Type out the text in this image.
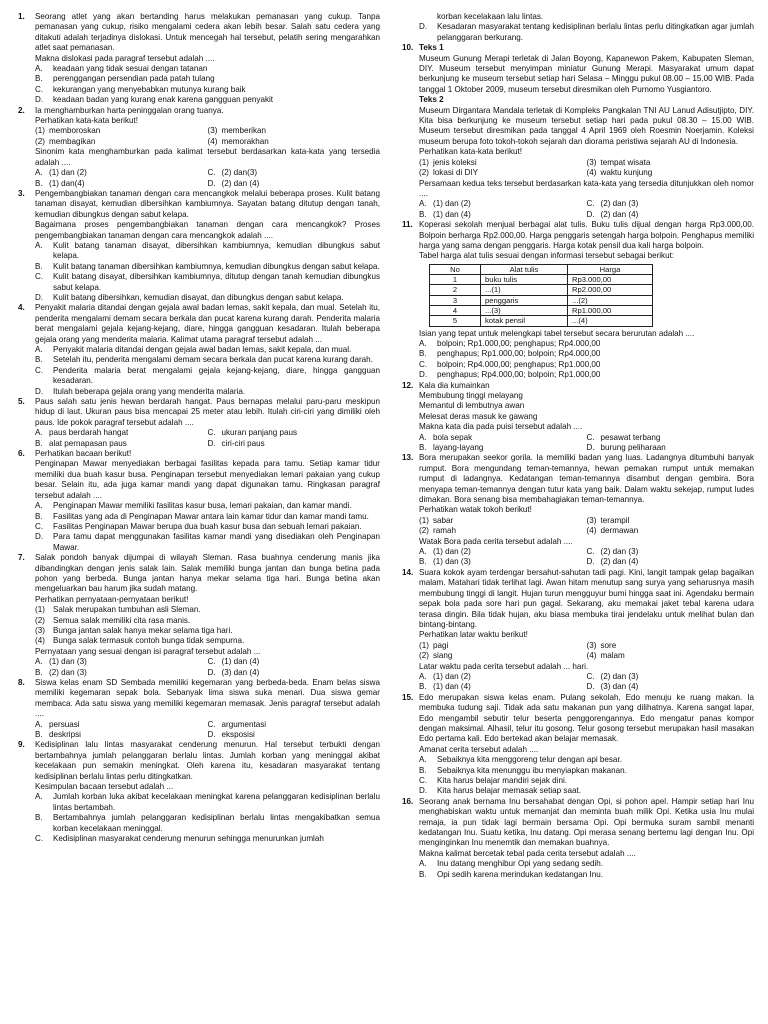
1. Seorang atlet yang akan bertanding harus melakukan pemanasan yang cukup. Tanpa pemanasan yang cukup, risiko mengalami cedera akan lebih besar. Salah satu cedera yang ditakuti adalah terjadinya dislokasi. Untuk mencegah hal tersebut, pelatih sering mengarahkan atlet saat pemanasan.

Makna dislokasi pada paragraf tersebut adalah ....

A. keadaan yang tidak sesuai dengan tatanan
B. perenggangan persendian pada patah tulang
C. kekurangan yang menyebabkan mutunya kurang baik
D. keadaan badan yang kurang enak karena gangguan penyakit
2. Ia menghamburkan harta peninggalan orang tuanya.

Perhatikan kata-kata berikut!

(1) memboroskan	(3) memberikan
(2) membagikan	(4) memorakhan

Sinonim kata menghamburkan pada kalimat tersebut berdasarkan kata-kata yang tersedia adalah ....

A. (1) dan (2)	C. (2) dan(3)
B. (1) dan(4)	D. (2) dan (4)
3. Pengembangbiakan tanaman dengan cara mencangkok melalui beberapa proses. Kulit batang tanaman disayat, kemudian dibersihkan kambiumnya. Sayatan batang ditutup dengan tanah, kemudian dibungkus dengan sabut kelapa.

Bagaimana proses pengembangbiakan tanaman dengan cara mencangkok? Proses pengembangbiakan tanaman dengan cara mencangkok adalah ....

A. Kulit batang tanaman disayat, dibersihkan kambiumnya, kemudian dibungkus sabut kelapa.
B. Kulit batang tanaman dibersihkan kambiumnya, kemudian dibungkus dengan sabut kelapa.
C. Kulit batang disayat, dibersihkan kambiumnya, ditutup dengan tanah kemudian dibungkus sabut kelapa.
D. Kulit batang dibersihkan, kemudian disayat, dan dibungkus dengan sabut kelapa.
4. Penyakit malaria ditandai dengan gejala awal badan lemas, sakit kepala, dan mual. Setelah itu, penderita mengalami demam secara berkala dan pucat karena kurang darah. Penderita malaria berat mengalami gejala kejang-kejang, diare, hingga gangguan kesadaran. Itulah beberapa gejala orang yang menderita malaria. Kalimat utama paragraf tersebut adalah ...

A. Penyakit malaria ditandai dengan gejala awal badan lemas, sakit kepala, dan mual.
B. Setelah itu, penderita mengalami demam secara berkala dan pucat karena kurang darah.
C. Penderita malaria berat mengalami gejala kejang-kejang, diare, hingga gangguan kesadaran.
D. Itulah beberapa gejala orang yang menderita malaria.
5. Paus salah satu jenis hewan berdarah hangat. Paus bernapas melalui paru-paru meskipun hidup di laut. Ukuran paus bisa mencapai 25 meter atau lebih. Itulah ciri-ciri yang dimiliki oleh paus. Ide pokok paragraf tersebut adalah ....

A. paus berdarah hangat	C. ukuran panjang paus
B. alat pernapasan paus	D. ciri-ciri paus
6. Perhatikan bacaan berikut!

Penginapan Mawar menyediakan berbagai fasilitas kepada para tamu. Setiap kamar tidur memiliki dua buah kasur busa. Penginapan tersebut menyediakan lemari pakaian yang cukup besar. Selain itu, ada juga kamar mandi yang dapat digunakan tamu. Ringkasan paragraf tersebut adalah ....

A. Penginapan Mawar memiliki fasilitas kasur busa, lemari pakaian, dan kamar mandi.
B. Fasilitas yang ada di Penginapan Mawar antara lain kamar tidur dan kamar mandi tamu.
C. Fasilitas Penginapan Mawar berupa dua buah kasur busa dan sebuah lemari pakaian.
D. Para tamu dapat menggunakan fasilitas kamar mandi yang disediakan oleh Penginapan Mawar.
7. Salak pondoh banyak dijumpai di wilayah Sleman. Rasa buahnya cenderung manis jika dibandingkan dengan jenis salak lain. Salak memiliki bunga jantan dan bunga betina pada pohon yang berbeda. Bunga jantan hanya mekar selama tiga hari. Bunga betina akan mengeluarkan bau harum jika sudah matang.

Perhatikan pernyataan-pernyataan berikut!

(1) Salak merupakan tumbuhan asli Sleman.
(2) Semua salak memiliki cita rasa manis.
(3) Bunga jantan salak hanya mekar selama tiga hari.
(4) Bunga salak termasuk contoh bunga tidak sempurna.

Pernyataan yang sesuai dengan isi paragraf tersebut adalah ...

A. (1) dan (3)	C. (1) dan (4)
B. (2) dan (3)	D. (3) dan (4)
8. Siswa kelas enam SD Sembada memiliki kegemaran yang berbeda-beda. Enam belas siswa memiliki kegemaran sepak bola. Sebanyak lima siswa suka menari. Dua siswa gemar membaca. Ada satu siswa yang memiliki kegemaran memasak. Jenis paragraf tersebut adalah ....

A. persuasi	C. argumentasi
B. deskripsi	D. eksposisi
9. Kedisiplinan lalu lintas masyarakat cenderung menurun. Hal tersebut terbukti dengan bertambahnya jumlah pelanggaran berlalu lintas. Jumlah korban yang meninggal akibat kecelakaan pun semakin meningkat. Oleh karena itu, kesadaran masyarakat tentang kedisiplinan berlalu lintas perlu ditingkatkan.

Kesimpulan bacaan tersebut adalah ...

A. Jumlah korban luka akibat kecelakaan meningkat karena pelanggaran kedisiplinan berlalu lintas bertambah.
B. Bertambahnya jumlah pelanggaran kedisiplinan berlalu lintas mengakibatkan semua korban kecelakaan meninggal.
C. Kedisiplinan masyarakat cenderung menurun sehingga menurunkan jumlah

korban kecelakaan lalu lintas.

D. Kesadaran masyarakat tentang kedisiplinan berlalu lintas perlu ditingkatkan agar jumlah pelanggaran berkurang.
10. Teks 1

Museum Gunung Merapi terletak di Jalan Boyong, Kapanewon Pakem, Kabupaten Sleman, DIY. Museum tersebut menyimpan miniatur Gunung Merapi. Masyarakat umum dapat berkunjung ke museum tersebut setiap hari Selasa – Minggu pukul 08.00 – 15.00 WIB. Pada tanggal 1 Oktober 2009, museum tersebut diresmikan oleh Purnomo Yusgiantoro.

Teks 2

Museum Dirgantara Mandala terletak di Kompleks Pangkalan TNI AU Lanud Adisutjipto, DIY. Kita bisa berkunjung ke museum tersebut setiap hari pada pukul 08.30 – 15.00 WIB. Museum tersebut diresmikan pada tanggal 4 April 1969 oleh Roesmin Noerjamin. Koleksi museum berupa foto tokoh-tokoh sejarah dan diorama peristiwa sejarah AU di Indonesia.

Perhatikan kata-kata berikut!

(1) jenis koleksi	(3) tempat wisata
(2) lokasi di DIY	(4) waktu kunjung

Persamaan kedua teks tersebut berdasarkan kata-kata yang tersedia ditunjukkan oleh nomor ....

A. (1) dan (2)	C. (2) dan (3)
B. (1) dan (4)	D. (2) dan (4)
11. Koperasi sekolah menjual berbagai alat tulis. Buku tulis dijual dengan harga Rp3.000,00. Bolpoin berharga Rp2.000,00. Harga penggaris setengah harga bolpoin. Penghapus memiliki harga yang sama dengan penggaris. Harga kotak pensil dua kali harga bolpoin.

Tabel harga alat tulis sesuai dengan informasi tersebut sebagai berikut:

No	Alat tulis	Harga
1	buku tulis	Rp3.000,00
2	...(1)	Rp2.000,00
3	penggaris	...(2)
4	...(3)	Rp1.000,00
5	kotak pensil	...(4)

Isian yang tepat untuk melengkapi tabel tersebut secara berurutan adalah ....

A. bolpoin; Rp1.000,00; penghapus; Rp4.000,00
B. penghapus; Rp1.000,00; bolpoin; Rp4.000,00
C. bolpoin; Rp4.000,00; penghapus; Rp1.000,00
D. penghapus; Rp4.000,00; bolpoin; Rp1.000,00
12. Kala dia kumainkan

Membubung tinggi melayang

Memantul di lembutnya awan

Melesat deras masuk ke gawang

Makna kata dia pada puisi tersebut adalah ....

A. bola sepak	C. pesawat terbang
B. layang-layang	D. burung peliharaan
13. Bora merupakan seekor gorila. Ia memiliki badan yang luas. Ladangnya ditumbuhi banyak rumput. Bora mengundang teman-temannya, hewan pemakan rumput untuk memakan rumput di ladangnya. Kedatangan teman-temannya disambut dengan gembira. Bora menyapa teman-temannya dengan tutur kata yang baik. Dalam waktu sekejap, rumput ludes dimakan. Bora senang bisa membahagiakan teman-temannya.

Perhatikan watak tokoh berikut!

(1) sabar	(3) terampil
(2) ramah	(4) dermawan

Watak Bora pada cerita tersebut adalah ....

A. (1) dan (2)	C. (2) dan (3)
B. (1) dan (3)	D. (2) dan (4)
14. Suara kokok ayam terdengar bersahut-sahutan tadi pagi. Kini, langit tampak gelap bagaikan malam. Matahari tidak terlihat lagi. Awan hitam menutup sang surya yang seharusnya masih membubung tinggi di langit. Hujan turun mengguyur bumi hingga saat ini. Agendaku bermain sepak bola pada sore hari pun gagal. Sekarang, aku memakai jaket tebal karena udara terasa dingin. Bila tidak hujan, aku biasa membuka tirai jendelaku untuk melihat bulan dan bintang-bintang.

Perhatikan latar waktu berikut!

(1) pagi	(3) sore
(2) siang	(4) malam

Latar waktu pada cerita tersebut adalah ... hari.

A. (1) dan (2)	C. (2) dan (3)
B. (1) dan (4)	D. (3) dan (4)
15. Edo merupakan siswa kelas enam. Pulang sekolah, Edo menuju ke ruang makan. Ia membuka tudung saji. Tidak ada satu makanan pun yang dilihatnya. Karena sangat lapar, Edo mengambil sebutir telur beserta penggorengannya. Edo mengatur panas kompor dengan maksimal. Alhasil, telur itu gosong. Telur gosong tersebut merupakan hasil masakan Edo pertama kali. Edo bertekad akan belajar memasak.

Amanat cerita tersebut adalah ....

A. Sebaiknya kita menggoreng telur dengan api besar.
B. Sebaiknya kita menunggu ibu menyiapkan makanan.
C. Kita harus belajar mandiri sejak dini.
D. Kita harus belajar memasak setiap saat.
16. Seorang anak bernama Inu bersahabat dengan Opi, si pohon apel. Hampir setiap hari Inu menghabiskan waktu untuk memanjat dan meminta buah milik Opi. Ketika usia Inu mulai remaja, ia pun tidak lagi bermain bersama Opi. Opi bermuka suram sambil menanti kedatangan Inu. Suatu ketika, Inu datang. Opi merasa senang bertemu lagi dengan Inu. Opi menginginkan Inu menemtik dan memakan buahnya.

Makna kalimat bercetak tebal pada cerita tersebut adalah ....

A. Inu datang menghibur Opi yang sedang sedih.
B. Opi sedih karena merindukan kedatangan Inu.
